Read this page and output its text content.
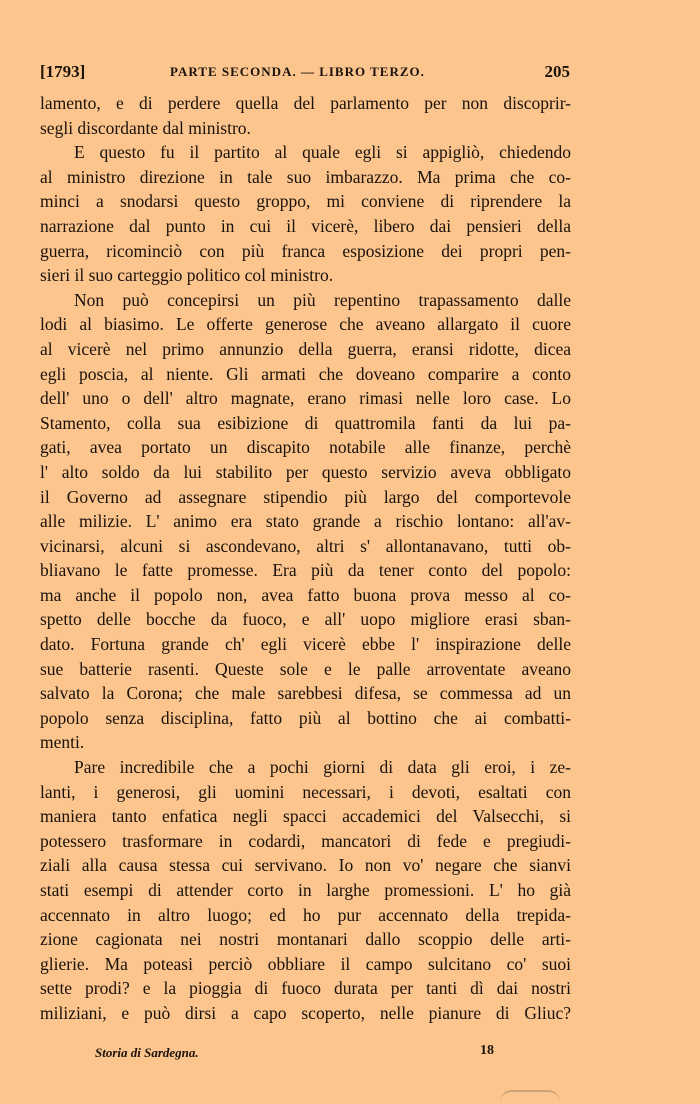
[1793]	PARTE SECONDA. — LIBRO TERZO.	205
lamento, e di perdere quella del parlamento per non discoprir-
segli discordante dal ministro.
E questo fu il partito al quale egli si appigliò, chiedendo
al ministro direzione in tale suo imbarazzo. Ma prima che co-
minci a snodarsi questo groppo, mi conviene di riprendere la
narrazione dal punto in cui il vicerè, libero dai pensieri della
guerra, ricominciò con più franca esposizione dei propri pen-
sieri il suo carteggio politico col ministro.
Non può concepirsi un più repentino trapassamento dalle
lodi al biasimo. Le offerte generose che aveano allargato il cuore
al vicerè nel primo annunzio della guerra, eransi ridotte, dicea
egli poscia, al niente. Gli armati che doveano comparire a conto
dell' uno o dell' altro magnate, erano rimasi nelle loro case. Lo
Stamento, colla sua esibizione di quattromila fanti da lui pa-
gati, avea portato un discapito notabile alle finanze, perchè
l' alto soldo da lui stabilito per questo servizio aveva obbligato
il Governo ad assegnare stipendio più largo del comportevole
alle milizie. L' animo era stato grande a rischio lontano: all'av-
vicinarsi, alcuni si ascondevano, altri s' allontanavano, tutti ob-
bliavano le fatte promesse. Era più da tener conto del popolo:
ma anche il popolo non, avea fatto buona prova messo al co-
spetto delle bocche da fuoco, e all' uopo migliore erasi sban-
dato. Fortuna grande ch' egli vicerè ebbe l' inspirazione delle
sue batterie rasenti. Queste sole e le palle arroventate aveano
salvato la Corona; che male sarebbesi difesa, se commessa ad un
popolo senza disciplina, fatto più al bottino che ai combatti-
menti.
Pare incredibile che a pochi giorni di data gli eroi, i ze-
lanti, i generosi, gli uomini necessari, i devoti, esaltati con
maniera tanto enfatica negli spacci accademici del Valsecchi, si
potessero trasformare in codardi, mancatori di fede e pregiudi-
ziali alla causa stessa cui servivano. Io non vo' negare che sianvi
stati esempi di attender corto in larghe promessioni. L' ho già
accennato in altro luogo; ed ho pur accennato della trepida-
zione cagionata nei nostri montanari dallo scoppio delle arti-
glierie. Ma poteasi perciò obbliare il campo sulcitano co' suoi
sette prodi? e la pioggia di fuoco durata per tanti dì dai nostri
miliziani, e può dirsi a capo scoperto, nelle pianure di Gliuc?
Storia di Sardegna.	18
